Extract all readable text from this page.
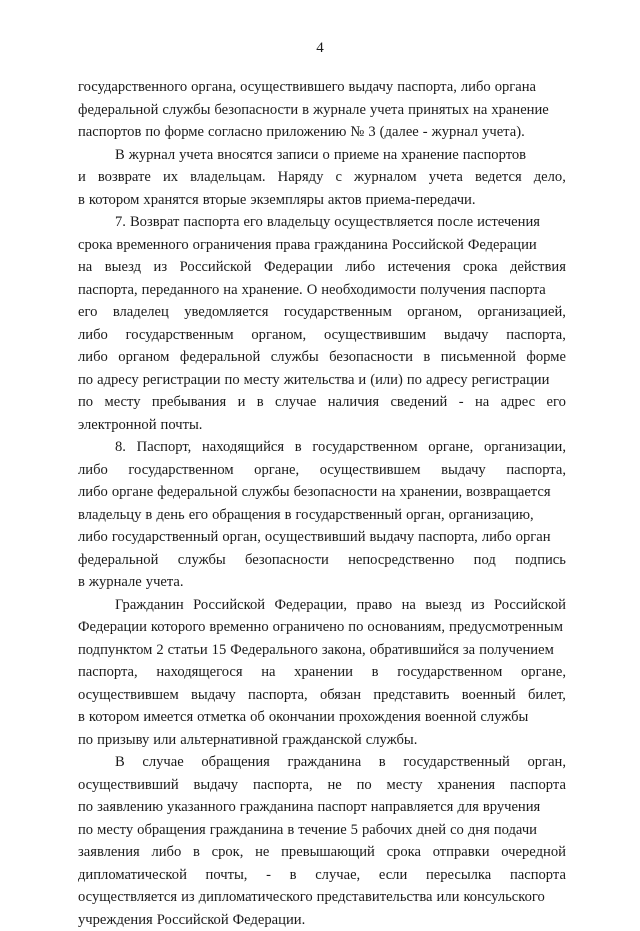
4
государственного органа, осуществившего выдачу паспорта, либо органа
федеральной службы безопасности в журнале учета принятых на хранение
паспортов по форме согласно приложению № 3 (далее - журнал учета).
В журнал учета вносятся записи о приеме на хранение паспортов
и возврате их владельцам. Наряду с журналом учета ведется дело,
в котором хранятся вторые экземпляры актов приема-передачи.
7. Возврат паспорта его владельцу осуществляется после истечения
срока временного ограничения права гражданина Российской Федерации
на выезд из Российской Федерации либо истечения срока действия
паспорта, переданного на хранение. О необходимости получения паспорта
его владелец уведомляется государственным органом, организацией,
либо государственным органом, осуществившим выдачу паспорта,
либо органом федеральной службы безопасности в письменной форме
по адресу регистрации по месту жительства и (или) по адресу регистрации
по месту пребывания и в случае наличия сведений - на адрес его
электронной почты.
8. Паспорт, находящийся в государственном органе, организации,
либо государственном органе, осуществившем выдачу паспорта,
либо органе федеральной службы безопасности на хранении, возвращается
владельцу в день его обращения в государственный орган, организацию,
либо государственный орган, осуществивший выдачу паспорта, либо орган
федеральной службы безопасности непосредственно под подпись
в журнале учета.
Гражданин Российской Федерации, право на выезд из Российской
Федерации которого временно ограничено по основаниям, предусмотренным
подпунктом 2 статьи 15 Федерального закона, обратившийся за получением
паспорта, находящегося на хранении в государственном органе,
осуществившем выдачу паспорта, обязан представить военный билет,
в котором имеется отметка об окончании прохождения военной службы
по призыву или альтернативной гражданской службы.
В случае обращения гражданина в государственный орган,
осуществивший выдачу паспорта, не по месту хранения паспорта
по заявлению указанного гражданина паспорт направляется для вручения
по месту обращения гражданина в течение 5 рабочих дней со дня подачи
заявления либо в срок, не превышающий срока отправки очередной
дипломатической почты, - в случае, если пересылка паспорта
осуществляется из дипломатического представительства или консульского
учреждения Российской Федерации.
